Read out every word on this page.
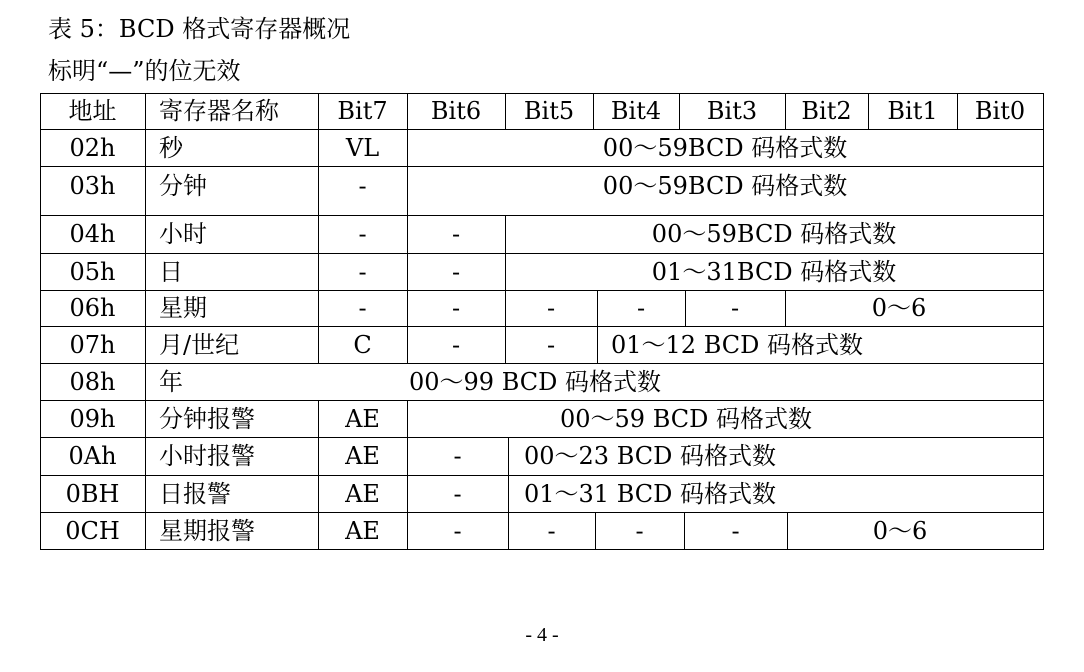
表 5：BCD 格式寄存器概况
标明“—”的位无效
地址	寄存器名称	Bit7	Bit6	Bit5	Bit4	Bit3	Bit2	Bit1	Bit0
02h	秒	VL	00～59BCD 码格式数
03h	分钟	-	00～59BCD 码格式数
04h	小时	-	-	00～59BCD 码格式数
05h	日	-	-	01～31BCD 码格式数
06h	星期	-	-	-	-	-	0～6
07h	月/世纪	C	-	-	01～12 BCD 码格式数
08h	年	00～99 BCD 码格式数
09h	分钟报警	AE	00～59 BCD 码格式数
0Ah	小时报警	AE	-	00～23 BCD 码格式数
0BH	日报警	AE	-	01～31 BCD 码格式数
0CH	星期报警	AE	-	-	-	-	0～6
- 4 -
